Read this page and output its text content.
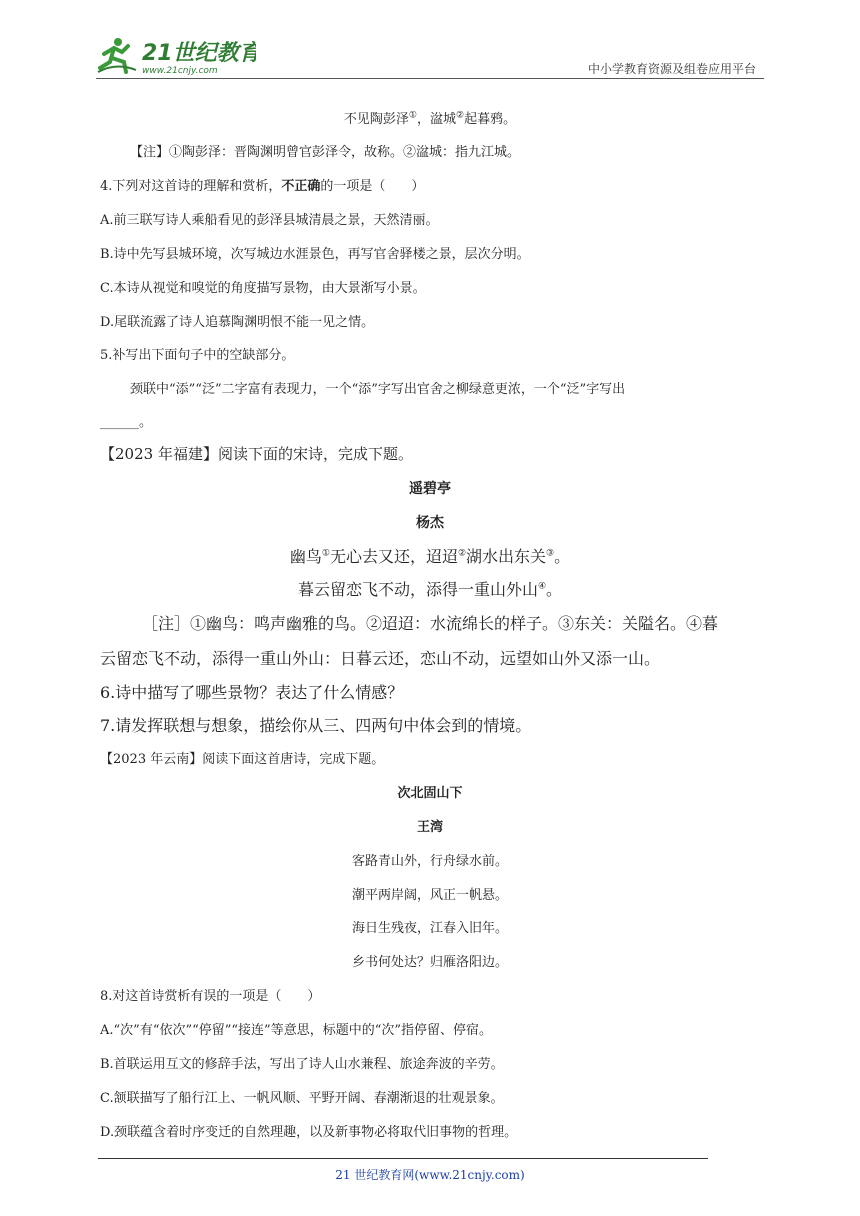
21世纪教育
www.21cnjy.com	中小学教育资源及组卷应用平台
不见陶彭泽①，湓城②起暮鸦。
【注】①陶彭泽：晋陶渊明曾官彭泽令，故称。②湓城：指九江城。
4.下列对这首诗的理解和赏析，不正确的一项是（　　）
A.前三联写诗人乘船看见的彭泽县城清晨之景，天然清丽。
B.诗中先写县城环境，次写城边水涯景色，再写官舍驿楼之景，层次分明。
C.本诗从视觉和嗅觉的角度描写景物，由大景渐写小景。
D.尾联流露了诗人追慕陶渊明恨不能一见之情。
5.补写出下面句子中的空缺部分。
颈联中“添”“泛”二字富有表现力，一个“添”字写出官舍之柳绿意更浓，一个“泛”字写出
______。
【2023 年福建】阅读下面的宋诗，完成下题。
遥碧亭
杨杰
幽鸟①无心去又还，迢迢②湖水出东关③。
暮云留恋飞不动，添得一重山外山④。
［注］①幽鸟：鸣声幽雅的鸟。②迢迢：水流绵长的样子。③东关：关隘名。④暮
云留恋飞不动，添得一重山外山：日暮云还，恋山不动，远望如山外又添一山。
6.诗中描写了哪些景物？表达了什么情感？
7.请发挥联想与想象，描绘你从三、四两句中体会到的情境。
【2023 年云南】阅读下面这首唐诗，完成下题。
次北固山下
王湾
客路青山外，行舟绿水前。
潮平两岸阔，风正一帆悬。
海日生残夜，江春入旧年。
乡书何处达？归雁洛阳边。
8.对这首诗赏析有误的一项是（　　）
A.“次”有“依次”“停留”“接连”等意思，标题中的“次”指停留、停宿。
B.首联运用互文的修辞手法，写出了诗人山水兼程、旅途奔波的辛劳。
C.颔联描写了船行江上、一帆风顺、平野开阔、春潮渐退的壮观景象。
D.颈联蕴含着时序变迁的自然理趣，以及新事物必将取代旧事物的哲理。
21 世纪教育网(www.21cnjy.com)
